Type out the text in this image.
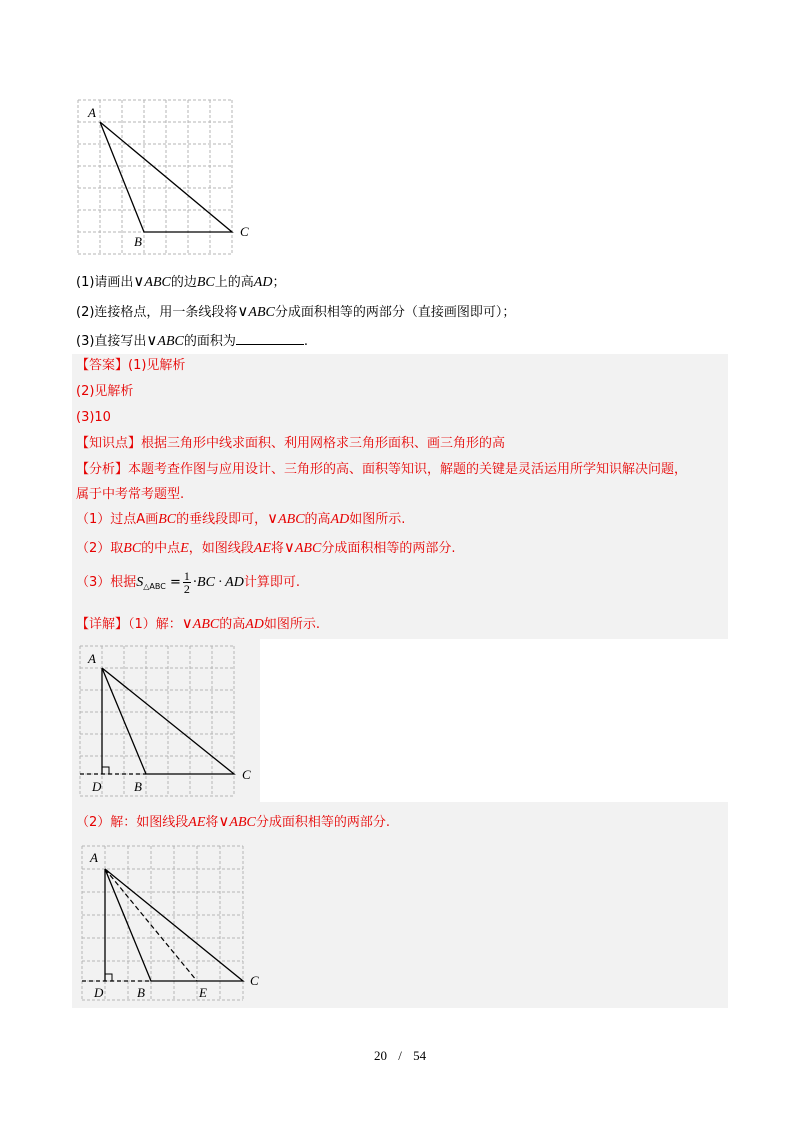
A
B
C
(1)请画出∨ABC的边BC上的高AD；
(2)连接格点，用一条线段将∨ABC分成面积相等的两部分（直接画图即可）；
(3)直接写出∨ABC的面积为	.
【答案】(1)见解析
(2)见解析
(3)10
【知识点】根据三角形中线求面积、利用网格求三角形面积、画三角形的高
【分析】本题考查作图与应用设计、三角形的高、面积等知识，解题的关键是灵活运用所学知识解决问题，
属于中考常考题型.
（1）过点A画BC的垂线段即可，∨ABC的高AD如图所示.
（2）取BC的中点E，如图线段AE将∨ABC分成面积相等的两部分.
（3）根据$S_{\triangle ABC} = \frac{1}{2} \cdot BC$ · AD计算即可.
【详解】（1）解：∨ABC的高AD如图所示.
A
D	B
C
（2）解：如图线段AE将∨ABC分成面积相等的两部分.
A
D	B	E
C
20 / 54
